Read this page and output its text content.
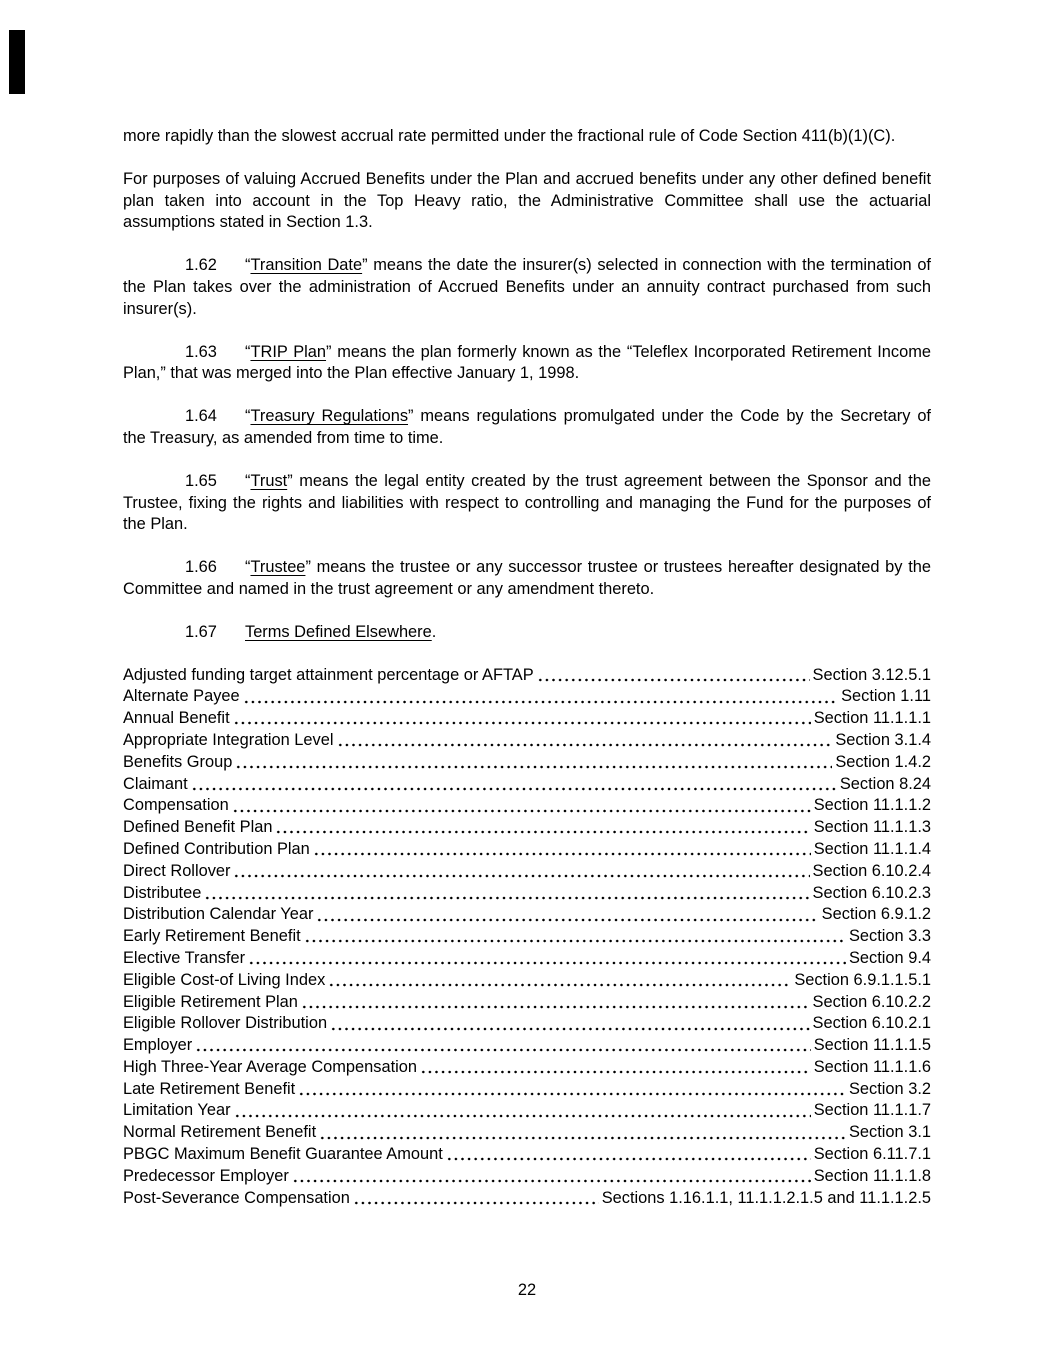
more rapidly than the slowest accrual rate permitted under the fractional rule of Code Section 411(b)(1)(C).

For purposes of valuing Accrued Benefits under the Plan and accrued benefits under any other defined benefit plan taken into account in the Top Heavy ratio, the Administrative Committee shall use the actuarial assumptions stated in Section 1.3.

1.62 “Transition Date” means the date the insurer(s) selected in connection with the termination of the Plan takes over the administration of Accrued Benefits under an annuity contract purchased from such insurer(s).

1.63 “TRIP Plan” means the plan formerly known as the “Teleflex Incorporated Retirement Income Plan,” that was merged into the Plan effective January 1, 1998.

1.64 “Treasury Regulations” means regulations promulgated under the Code by the Secretary of the Treasury, as amended from time to time.

1.65 “Trust” means the legal entity created by the trust agreement between the Sponsor and the Trustee, fixing the rights and liabilities with respect to controlling and managing the Fund for the purposes of the Plan.

1.66 “Trustee” means the trustee or any successor trustee or trustees hereafter designated by the Committee and named in the trust agreement or any amendment thereto.

1.67 Terms Defined Elsewhere.

Adjusted funding target attainment percentage or AFTAP	Section 3.12.5.1
Alternate Payee	Section 1.11
Annual Benefit	Section 11.1.1.1
Appropriate Integration Level	Section 3.1.4
Benefits Group	Section 1.4.2
Claimant	Section 8.24
Compensation	Section 11.1.1.2
Defined Benefit Plan	Section 11.1.1.3
Defined Contribution Plan	Section 11.1.1.4
Direct Rollover	Section 6.10.2.4
Distributee	Section 6.10.2.3
Distribution Calendar Year	Section 6.9.1.2
Early Retirement Benefit	Section 3.3
Elective Transfer	Section 9.4
Eligible Cost-of Living Index	Section 6.9.1.1.5.1
Eligible Retirement Plan	Section 6.10.2.2
Eligible Rollover Distribution	Section 6.10.2.1
Employer	Section 11.1.1.5
High Three-Year Average Compensation	Section 11.1.1.6
Late Retirement Benefit	Section 3.2
Limitation Year	Section 11.1.1.7
Normal Retirement Benefit	Section 3.1
PBGC Maximum Benefit Guarantee Amount	Section 6.11.7.1
Predecessor Employer	Section 11.1.1.8
Post-Severance Compensation	Sections 1.16.1.1, 11.1.1.2.1.5 and 11.1.1.2.5
22
